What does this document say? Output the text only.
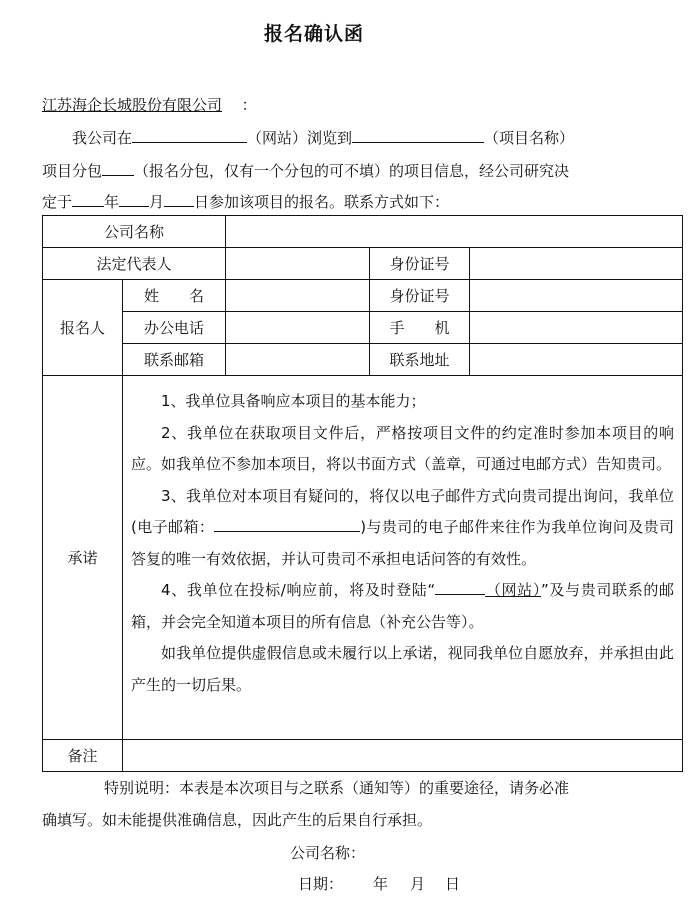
报名确认函
江苏海企长城股份有限公司 ：
我公司在	（网站）浏览到	（项目名称）
项目分包 （报名分包，仅有一个分包的可不填）的项目信息，经公司研究决
定于 年 月 日参加该项目的报名。联系方式如下：
公司名称				
法定代表人			身份证号	
报名人	姓　　名		身份证号	
	办公电话		手　　机	
	联系邮箱		联系地址	
承诺	1、我单位具备响应本项目的基本能力；

2、我单位在获取项目文件后，严格按项目文件的约定准时参加本项目的响应。如我单位不参加本项目，将以书面方式（盖章，可通过电邮方式）告知贵司。

3、我单位对本项目有疑问的，将仅以电子邮件方式向贵司提出询问，我单位(电子邮箱： )与贵司的电子邮件来往作为我单位询问及贵司答复的唯一有效依据，并认可贵司不承担电话问答的有效性。

4、我单位在投标/响应前，将及时登陆“ （网站）”及与贵司联系的邮箱，并会完全知道本项目的所有信息（补充公告等）。

如我单位提供虚假信息或未履行以上承诺，视同我单位自愿放弃，并承担由此产生的一切后果。			

备注				
特别说明：本表是本次项目与之联系（通知等）的重要途径，请务必准
确填写。如未能提供准确信息，因此产生的后果自行承担。
公司名称：
日期： 年 月 日
